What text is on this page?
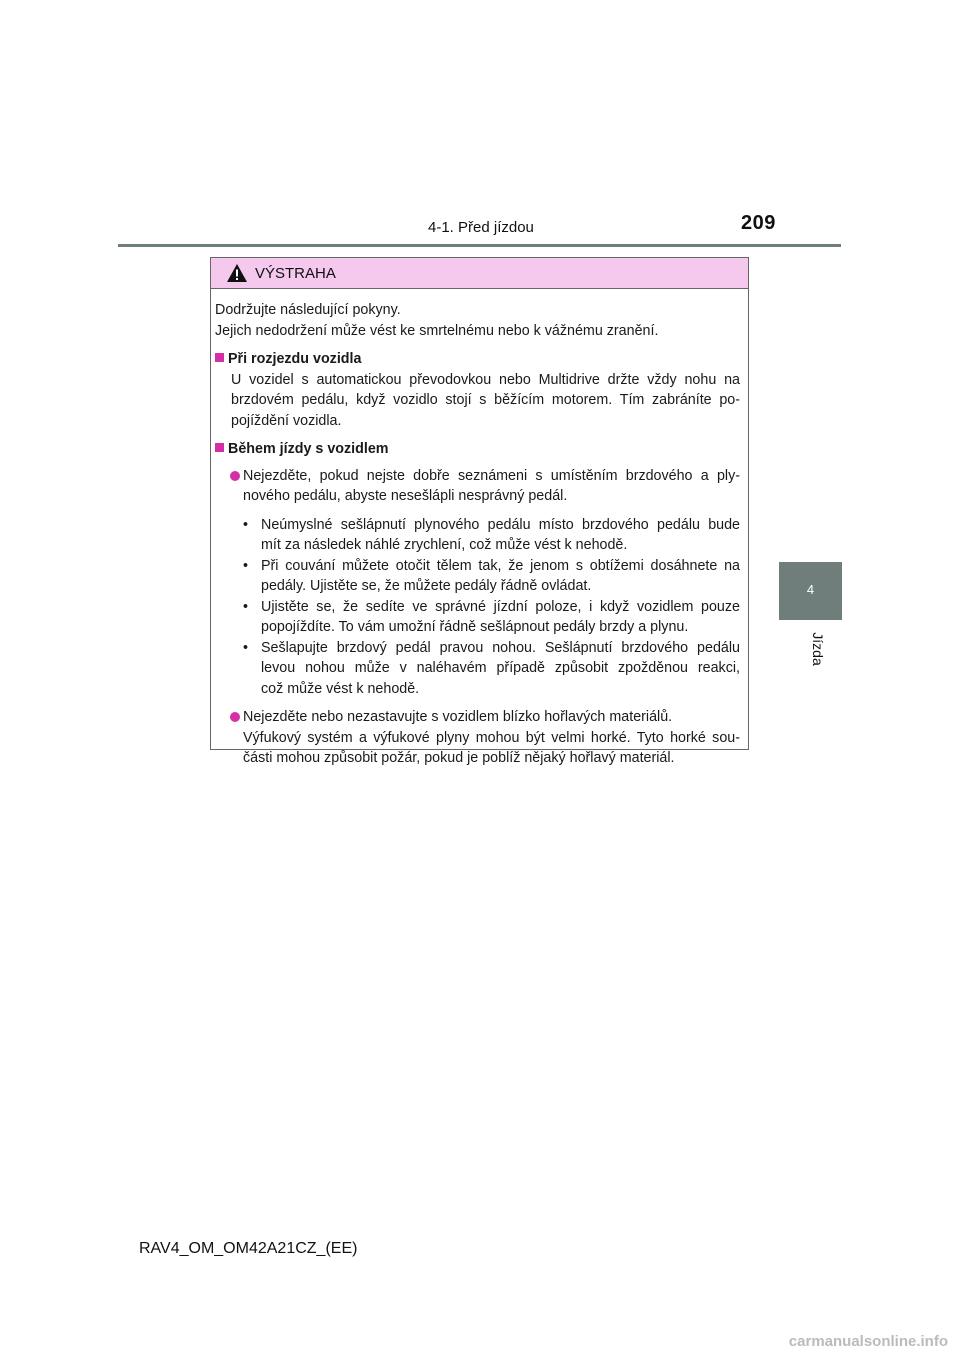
4-1. Před jízdou	209
4
Jízda
VÝSTRAHA
Dodržujte následující pokyny.
Jejich nedodržení může vést ke smrtelnému nebo k vážnému zranění.
Při rozjezdu vozidla
U vozidel s automatickou převodovkou nebo Multidrive držte vždy nohu na
brzdovém pedálu, když vozidlo stojí s běžícím motorem. Tím zabráníte po-
pojíždění vozidla.
Během jízdy s vozidlem
Nejezděte, pokud nejste dobře seznámeni s umístěním brzdového a ply-
nového pedálu, abyste nesešlápli nesprávný pedál.
• Neúmyslné sešlápnutí plynového pedálu místo brzdového pedálu bude
mít za následek náhlé zrychlení, což může vést k nehodě.
• Při couvání můžete otočit tělem tak, že jenom s obtížemi dosáhnete na
pedály. Ujistěte se, že můžete pedály řádně ovládat.
• Ujistěte se, že sedíte ve správné jízdní poloze, i když vozidlem pouze
popojíždíte. To vám umožní řádně sešlápnout pedály brzdy a plynu.
• Sešlapujte brzdový pedál pravou nohou. Sešlápnutí brzdového pedálu
levou nohou může v naléhavém případě způsobit zpožděnou reakci,
což může vést k nehodě.
Nejezděte nebo nezastavujte s vozidlem blízko hořlavých materiálů.
Výfukový systém a výfukové plyny mohou být velmi horké. Tyto horké sou-
části mohou způsobit požár, pokud je poblíž nějaký hořlavý materiál.
RAV4_OM_OM42A21CZ_(EE)
carmanualsonline.info
